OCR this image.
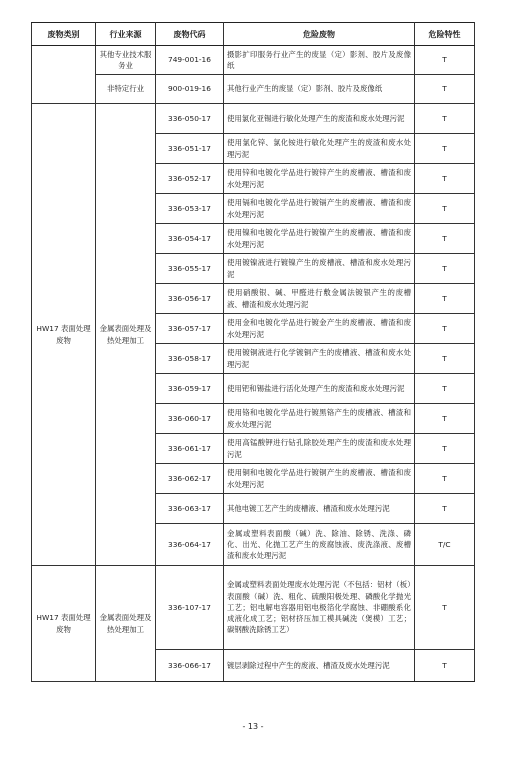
废物类别	行业来源	废物代码	危险废物	危险特性
	其他专业技术服务业	749-001-16	摄影扩印服务行业产生的废显（定）影剂、胶片及废像纸	T
	非特定行业	900-019-16	其他行业产生的废显（定）影剂、胶片及废像纸	T
HW17 表面处理废物	金属表面处理及热处理加工	336-050-17	使用氯化亚锡进行敏化处理产生的废渣和废水处理污泥	T
		336-051-17	使用氯化锌、氯化铵进行敏化处理产生的废渣和废水处理污泥	T
		336-052-17	使用锌和电镀化学品进行镀锌产生的废槽液、槽渣和废水处理污泥	T
		336-053-17	使用镉和电镀化学品进行镀镉产生的废槽液、槽渣和废水处理污泥	T
		336-054-17	使用镍和电镀化学品进行镀镍产生的废槽液、槽渣和废水处理污泥	T
		336-055-17	使用镀镍液进行镀镍产生的废槽液、槽渣和废水处理污泥	T
		336-056-17	使用硝酸银、碱、甲醛进行敷金属法镀银产生的废槽液、槽渣和废水处理污泥	T
		336-057-17	使用金和电镀化学品进行镀金产生的废槽液、槽渣和废水处理污泥	T
		336-058-17	使用镀铜液进行化学镀铜产生的废槽液、槽渣和废水处理污泥	T
		336-059-17	使用钯和锡盐进行活化处理产生的废渣和废水处理污泥	T
		336-060-17	使用铬和电镀化学品进行镀黑铬产生的废槽液、槽渣和废水处理污泥	T
		336-061-17	使用高锰酸钾进行钻孔除胶处理产生的废渣和废水处理污泥	T
		336-062-17	使用铜和电镀化学品进行镀铜产生的废槽液、槽渣和废水处理污泥	T
		336-063-17	其他电镀工艺产生的废槽液、槽渣和废水处理污泥	T
		336-064-17	金属或塑料表面酸（碱）洗、除油、除锈、洗涤、磷化、出光、化抛工艺产生的废腐蚀液、废洗涤液、废槽渣和废水处理污泥	T/C
HW17 表面处理废物	金属表面处理及热处理加工	336-107-17	金属或塑料表面处理废水处理污泥（不包括：铝材（板）表面酸（碱）洗、粗化、硫酸阳极处理、磷酸化学抛光工艺；铝电解电容器用铝电极箔化学腐蚀、非硼酸系化成液化成工艺；铝材挤压加工模具碱洗（煲模）工艺；碳钢酸洗除锈工艺）	T
		336-066-17	镀层剥除过程中产生的废液、槽渣及废水处理污泥	T
- 13 -
